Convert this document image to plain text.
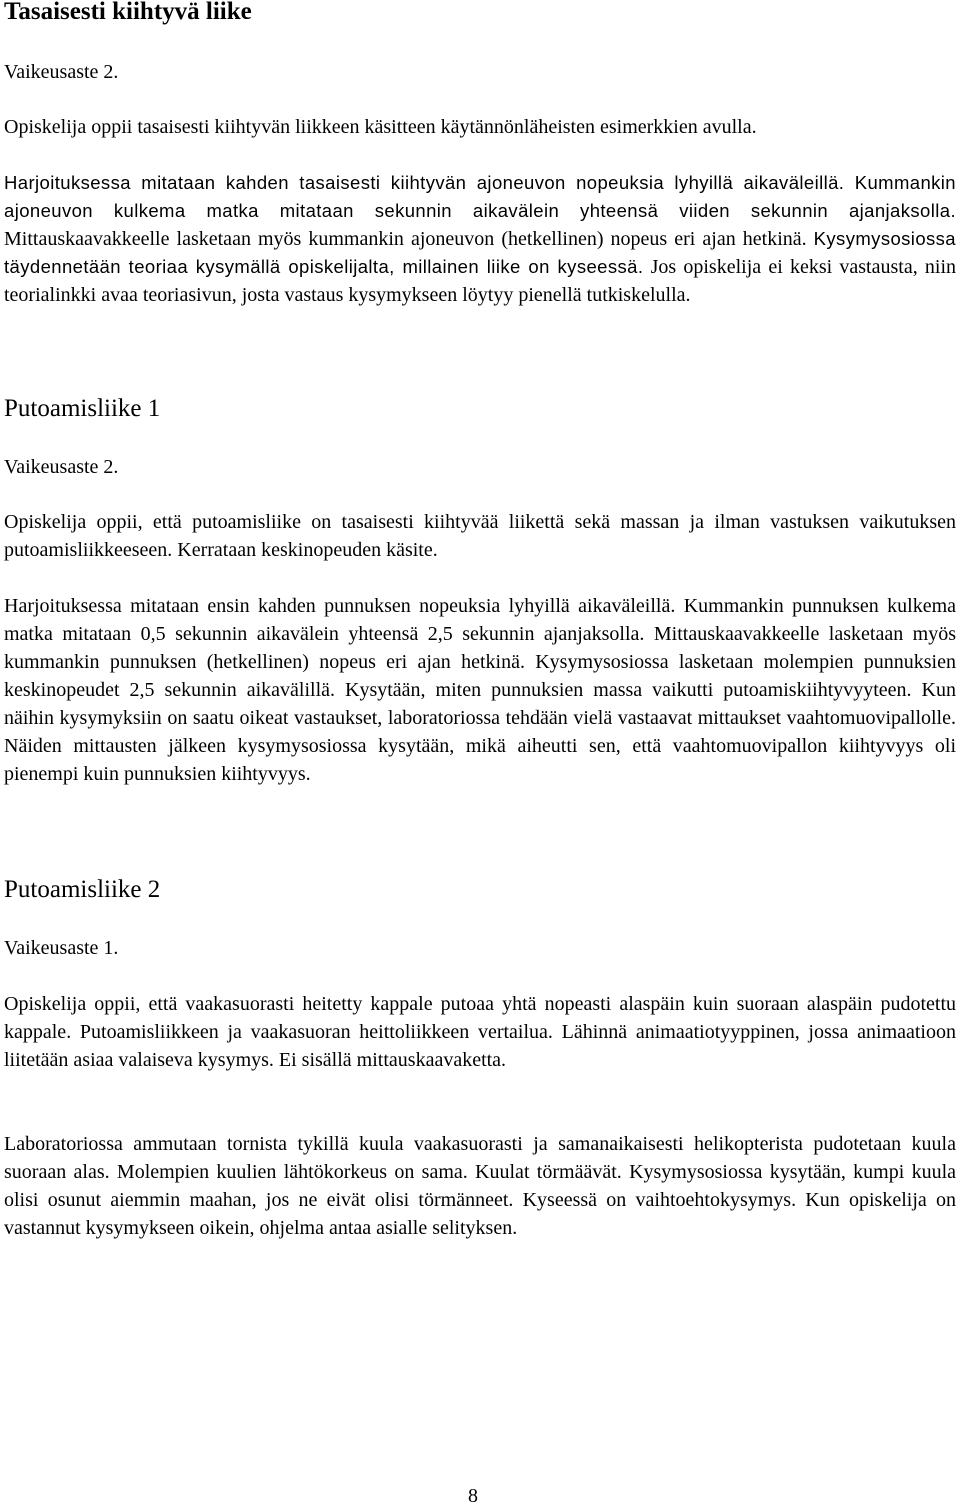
Tasaisesti kiihtyvä liike

Vaikeusaste 2.

Opiskelija oppii tasaisesti kiihtyvän liikkeen käsitteen käytännönläheisten esimerkkien avulla.

Harjoituksessa mitataan kahden tasaisesti kiihtyvän ajoneuvon nopeuksia lyhyillä aikaväleillä. Kummankin ajoneuvon kulkema matka mitataan sekunnin aikavälein yhteensä viiden sekunnin ajanjaksolla. Mittauskaavakkeelle lasketaan myös kummankin ajoneuvon (hetkellinen) nopeus eri ajan hetkinä. Kysymysosiossa täydennetään teoriaa kysymällä opiskelijalta, millainen liike on kyseessä. Jos opiskelija ei keksi vastausta, niin teorialinkki avaa teoriasivun, josta vastaus kysymykseen löytyy pienellä tutkiskelulla.

Putoamisliike 1

Vaikeusaste 2.

Opiskelija oppii, että putoamisliike on tasaisesti kiihtyvää liikettä sekä massan ja ilman vastuksen vaikutuksen putoamisliikkeeseen. Kerrataan keskinopeuden käsite.

Harjoituksessa mitataan ensin kahden punnuksen nopeuksia lyhyillä aikaväleillä. Kummankin punnuksen kulkema matka mitataan 0,5 sekunnin aikavälein yhteensä 2,5 sekunnin ajanjaksolla. Mittauskaavakkeelle lasketaan myös kummankin punnuksen (hetkellinen) nopeus eri ajan hetkinä. Kysymysosiossa lasketaan molempien punnuksien keskinopeudet 2,5 sekunnin aikavälillä. Kysytään, miten punnuksien massa vaikutti putoamiskiihtyvyyteen. Kun näihin kysymyksiin on saatu oikeat vastaukset, laboratoriossa tehdään vielä vastaavat mittaukset vaahtomuovipallolle. Näiden mittausten jälkeen kysymysosiossa kysytään, mikä aiheutti sen, että vaahtomuovipallon kiihtyvyys oli pienempi kuin punnuksien kiihtyvyys.

Putoamisliike 2

Vaikeusaste 1.

Opiskelija oppii, että vaakasuorasti heitetty kappale putoaa yhtä nopeasti alaspäin kuin suoraan alaspäin pudotettu kappale. Putoamisliikkeen ja vaakasuoran heittoliikkeen vertailua. Lähinnä animaatiotyyppinen, jossa animaatioon liitetään asiaa valaiseva kysymys. Ei sisällä mittauskaavaketta.

Laboratoriossa ammutaan tornista tykillä kuula vaakasuorasti ja samanaikaisesti helikopterista pudotetaan kuula suoraan alas. Molempien kuulien lähtökorkeus on sama. Kuulat törmäävät. Kysymysosiossa kysytään, kumpi kuula olisi osunut aiemmin maahan, jos ne eivät olisi törmänneet. Kyseessä on vaihtoehtokysymys. Kun opiskelija on vastannut kysymykseen oikein, ohjelma antaa asialle selityksen.

8
